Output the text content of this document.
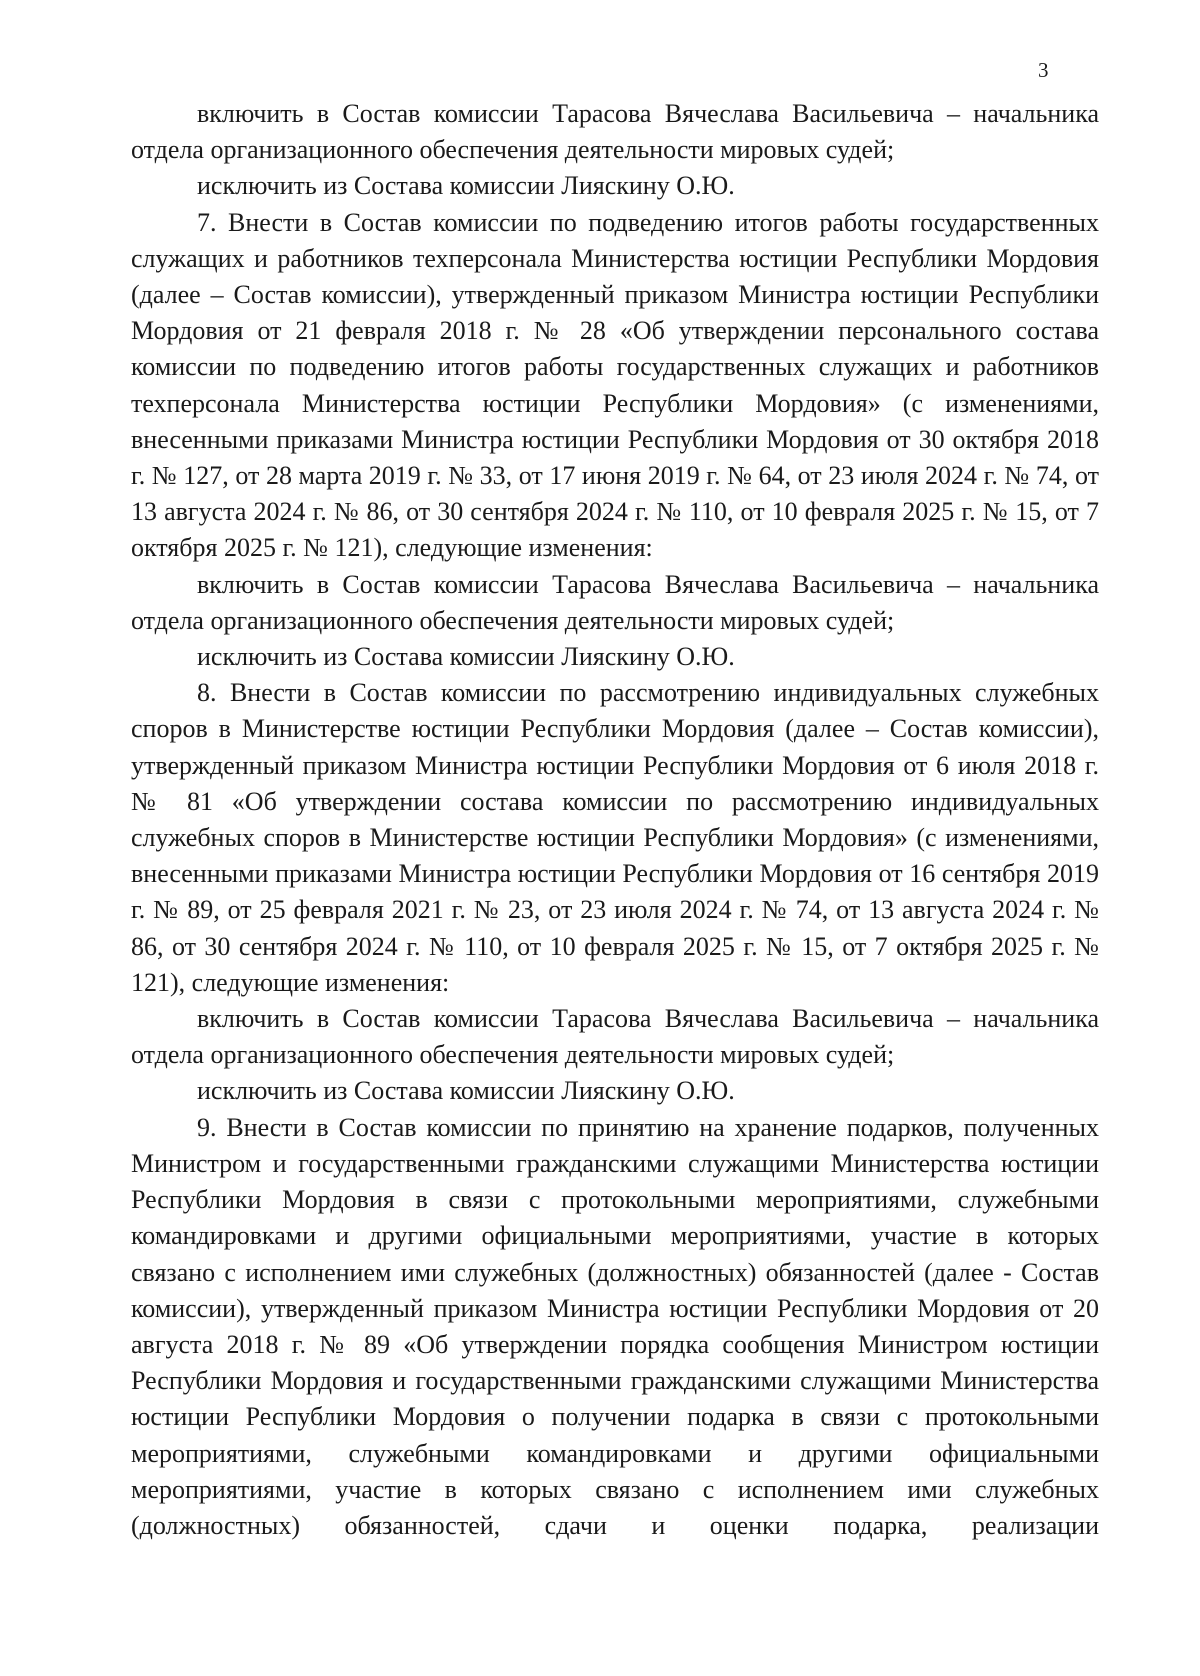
3

включить в Состав комиссии Тарасова Вячеслава Васильевича – начальника отдела организационного обеспечения деятельности мировых судей;

исключить из Состава комиссии Лияскину О.Ю.

7. Внести в Состав комиссии по подведению итогов работы государственных служащих и работников техперсонала Министерства юстиции Республики Мордовия (далее – Состав комиссии), утвержденный приказом Министра юстиции Республики Мордовия от 21 февраля 2018 г. № 28 «Об утверждении персонального состава комиссии по подведению итогов работы государственных служащих и работников техперсонала Министерства юстиции Республики Мордовия» (с изменениями, внесенными приказами Министра юстиции Республики Мордовия от 30 октября 2018 г. № 127, от 28 марта 2019 г. № 33, от 17 июня 2019 г. № 64, от 23 июля 2024 г. № 74, от 13 августа 2024 г. № 86, от 30 сентября 2024 г. № 110, от 10 февраля 2025 г. № 15, от 7 октября 2025 г. № 121), следующие изменения:

включить в Состав комиссии Тарасова Вячеслава Васильевича – начальника отдела организационного обеспечения деятельности мировых судей;

исключить из Состава комиссии Лияскину О.Ю.

8. Внести в Состав комиссии по рассмотрению индивидуальных служебных споров в Министерстве юстиции Республики Мордовия (далее – Состав комиссии), утвержденный приказом Министра юстиции Республики Мордовия от 6 июля 2018 г. № 81 «Об утверждении состава комиссии по рассмотрению индивидуальных служебных споров в Министерстве юстиции Республики Мордовия» (с изменениями, внесенными приказами Министра юстиции Республики Мордовия от 16 сентября 2019 г. № 89, от 25 февраля 2021 г. № 23, от 23 июля 2024 г. № 74, от 13 августа 2024 г. № 86, от 30 сентября 2024 г. № 110, от 10 февраля 2025 г. № 15, от 7 октября 2025 г. № 121), следующие изменения:

включить в Состав комиссии Тарасова Вячеслава Васильевича – начальника отдела организационного обеспечения деятельности мировых судей;

исключить из Состава комиссии Лияскину О.Ю.

9. Внести в Состав комиссии по принятию на хранение подарков, полученных Министром и государственными гражданскими служащими Министерства юстиции Республики Мордовия в связи с протокольными мероприятиями, служебными командировками и другими официальными мероприятиями, участие в которых связано с исполнением ими служебных (должностных) обязанностей (далее - Состав комиссии), утвержденный приказом Министра юстиции Республики Мордовия от 20 августа 2018 г. № 89 «Об утверждении порядка сообщения Министром юстиции Республики Мордовия и государственными гражданскими служащими Министерства юстиции Республики Мордовия о получении подарка в связи с протокольными мероприятиями, служебными командировками и другими официальными мероприятиями, участие в которых связано с исполнением ими служебных (должностных) обязанностей, сдачи и оценки подарка, реализации
